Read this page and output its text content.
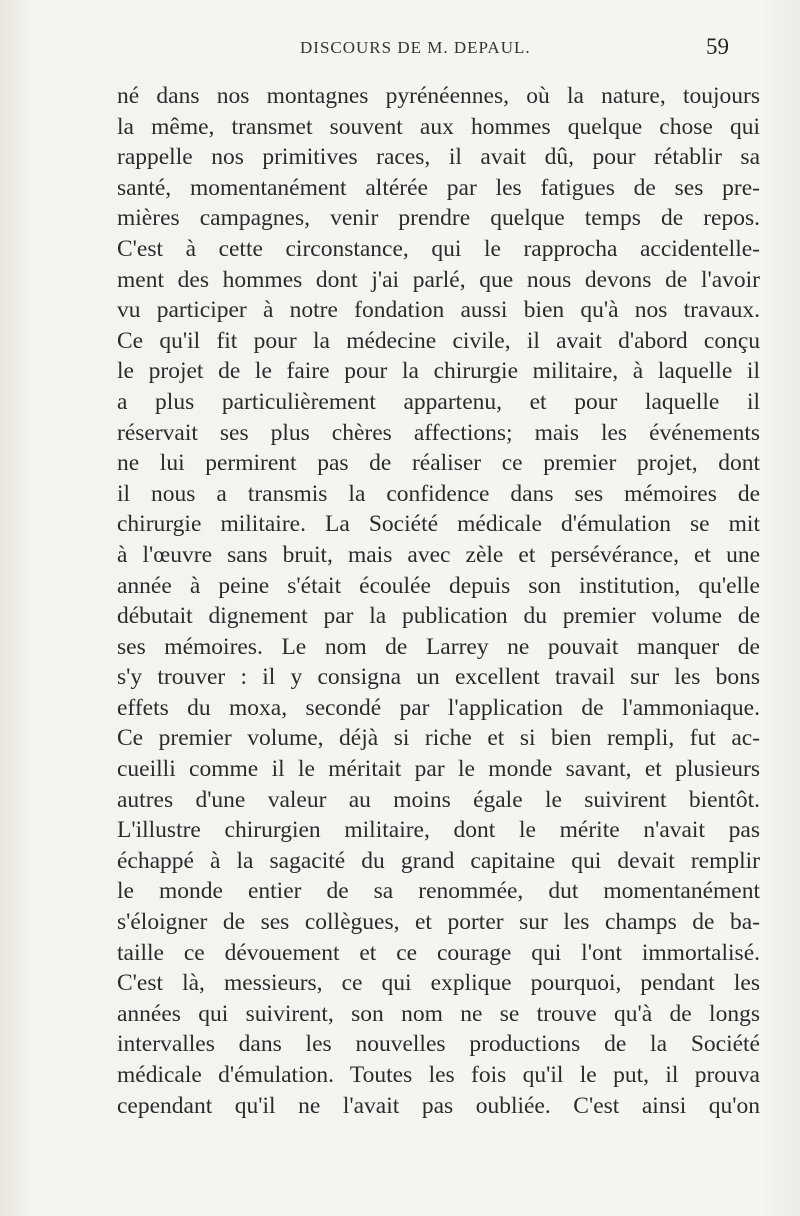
DISCOURS DE M. DEPAUL.	59
né dans nos montagnes pyrénéennes, où la nature, toujours
la même, transmet souvent aux hommes quelque chose qui
rappelle nos primitives races, il avait dû, pour rétablir sa
santé, momentanément altérée par les fatigues de ses pre-
mières campagnes, venir prendre quelque temps de repos.
C'est à cette circonstance, qui le rapprocha accidentelle-
ment des hommes dont j'ai parlé, que nous devons de l'avoir
vu participer à notre fondation aussi bien qu'à nos travaux.
Ce qu'il fit pour la médecine civile, il avait d'abord conçu
le projet de le faire pour la chirurgie militaire, à laquelle il
a plus particulièrement appartenu, et pour laquelle il
réservait ses plus chères affections; mais les événements
ne lui permirent pas de réaliser ce premier projet, dont
il nous a transmis la confidence dans ses mémoires de
chirurgie militaire. La Société médicale d'émulation se mit
à l'œuvre sans bruit, mais avec zèle et persévérance, et une
année à peine s'était écoulée depuis son institution, qu'elle
débutait dignement par la publication du premier volume de
ses mémoires. Le nom de Larrey ne pouvait manquer de
s'y trouver : il y consigna un excellent travail sur les bons
effets du moxa, secondé par l'application de l'ammoniaque.
Ce premier volume, déjà si riche et si bien rempli, fut ac-
cueilli comme il le méritait par le monde savant, et plusieurs
autres d'une valeur au moins égale le suivirent bientôt.
L'illustre chirurgien militaire, dont le mérite n'avait pas
échappé à la sagacité du grand capitaine qui devait remplir
le monde entier de sa renommée, dut momentanément
s'éloigner de ses collègues, et porter sur les champs de ba-
taille ce dévouement et ce courage qui l'ont immortalisé.
C'est là, messieurs, ce qui explique pourquoi, pendant les
années qui suivirent, son nom ne se trouve qu'à de longs
intervalles dans les nouvelles productions de la Société
médicale d'émulation. Toutes les fois qu'il le put, il prouva
cependant qu'il ne l'avait pas oubliée. C'est ainsi qu'on
